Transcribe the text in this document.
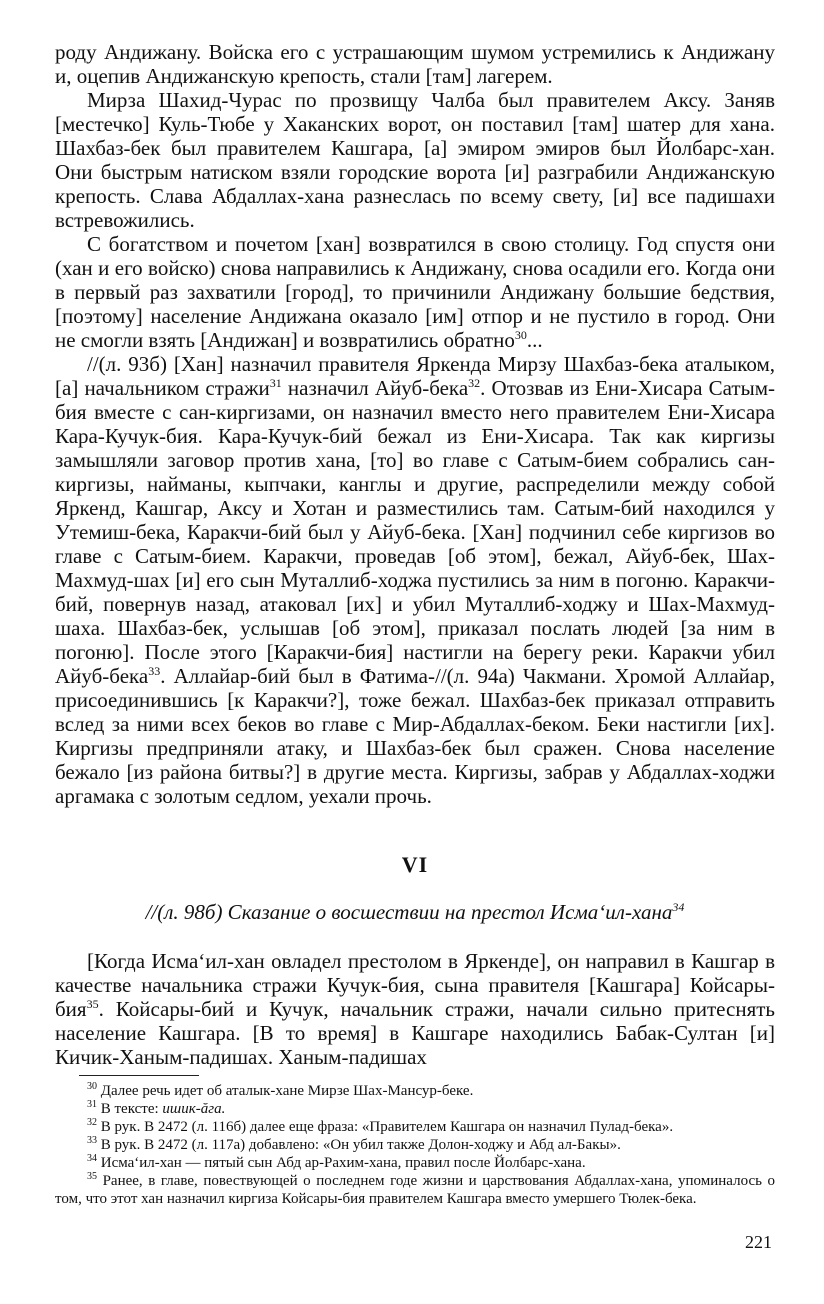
роду Андижану. Войска его с устрашающим шумом устремились к Андижану и, оцепив Андижанскую крепость, стали [там] лагерем.

Мирза Шахид-Чурас по прозвищу Чалба был правителем Аксу. Заняв [местечко] Куль-Тюбе у Хаканских ворот, он поставил [там] шатер для хана. Шахбаз-бек был правителем Кашгара, [а] эмиром эмиров был Йолбарс-хан. Они быстрым натиском взяли городские ворота [и] разграбили Андижанскую крепость. Слава Абдаллах-хана разнеслась по всему свету, [и] все падишахи встревожились.

С богатством и почетом [хан] возвратился в свою столицу. Год спустя они (хан и его войско) снова направились к Андижану, снова осадили его. Когда они в первый раз захватили [город], то причинили Андижану большие бедствия, [поэтому] население Андижана оказало [им] отпор и не пустило в город. Они не смогли взять [Андижан] и возвратились обратно$^{30}$...

//(л. 93б) [Хан] назначил правителя Яркенда Мирзу Шахбаз-бека аталыком, [а] начальником стражи$^{31}$ назначил Айуб-бека$^{32}$. Отозвав из Ени-Хисара Сатым-бия вместе с сан-киргизами, он назначил вместо него правителем Ени-Хисара Кара-Кучук-бия. Кара-Кучук-бий бежал из Ени-Хисара. Так как киргизы замышляли заговор против хана, [то] во главе с Сатым-бием собрались сан-киргизы, найманы, кыпчаки, канглы и другие, распределили между собой Яркенд, Кашгар, Аксу и Хотан и разместились там. Сатым-бий находился у Утемиш-бека, Каракчи-бий был у Айуб-бека. [Хан] подчинил себе киргизов во главе с Сатым-бием. Каракчи, проведав [об этом], бежал, Айуб-бек, Шах-Махмуд-шах [и] его сын Муталлиб-ходжа пустились за ним в погоню. Каракчи-бий, повернув назад, атаковал [их] и убил Муталлиб-ходжу и Шах-Махмуд-шаха. Шахбаз-бек, услышав [об этом], приказал послать людей [за ним в погоню]. После этого [Каракчи-бия] настигли на берегу реки. Каракчи убил Айуб-бека$^{33}$. Аллайар-бий был в Фатима-//(л. 94а) Чакмани. Хромой Аллайар, присоединившись [к Каракчи?], тоже бежал. Шахбаз-бек приказал отправить вслед за ними всех беков во главе с Мир-Абдаллах-беком. Беки настигли [их]. Киргизы предприняли атаку, и Шахбаз-бек был сражен. Снова население бежало [из района битвы?] в другие места. Киргизы, забрав у Абдаллах-ходжи аргамака с золотым седлом, уехали прочь.

VI
//(л. 98б) Сказание о восшествии на престол Исма‘ил-хана$^{34}$

[Когда Исма‘ил-хан овладел престолом в Яркенде], он направил в Кашгар в качестве начальника стражи Кучук-бия, сына правителя [Кашгара] Койсары-бия$^{35}$. Койсары-бий и Кучук, начальник стражи, начали сильно притеснять население Кашгара. [В то время] в Кашгаре находились Бабак-Султан [и] Кичик-Ханым-падишах. Ханым-падишах

$^{30}$ Далее речь идет об аталык-хане Мирзе Шах-Мансур-беке.

$^{31}$ В тексте: ишик-ăга.

$^{32}$ В рук. В 2472 (л. 116б) далее еще фраза: «Правителем Кашгара он назначил Пулад-бека».

$^{33}$ В рук. В 2472 (л. 117а) добавлено: «Он убил также Долон-ходжу и Абд ал-Бакы».

$^{34}$ Исма‘ил-хан — пятый сын Абд ар-Рахим-хана, правил после Йолбарс-хана.

$^{35}$ Ранее, в главе, повествующей о последнем годе жизни и царствования Абдаллах-хана, упоминалось о том, что этот хан назначил киргиза Койсары-бия правителем Кашгара вместо умершего Тюлек-бека.

221
